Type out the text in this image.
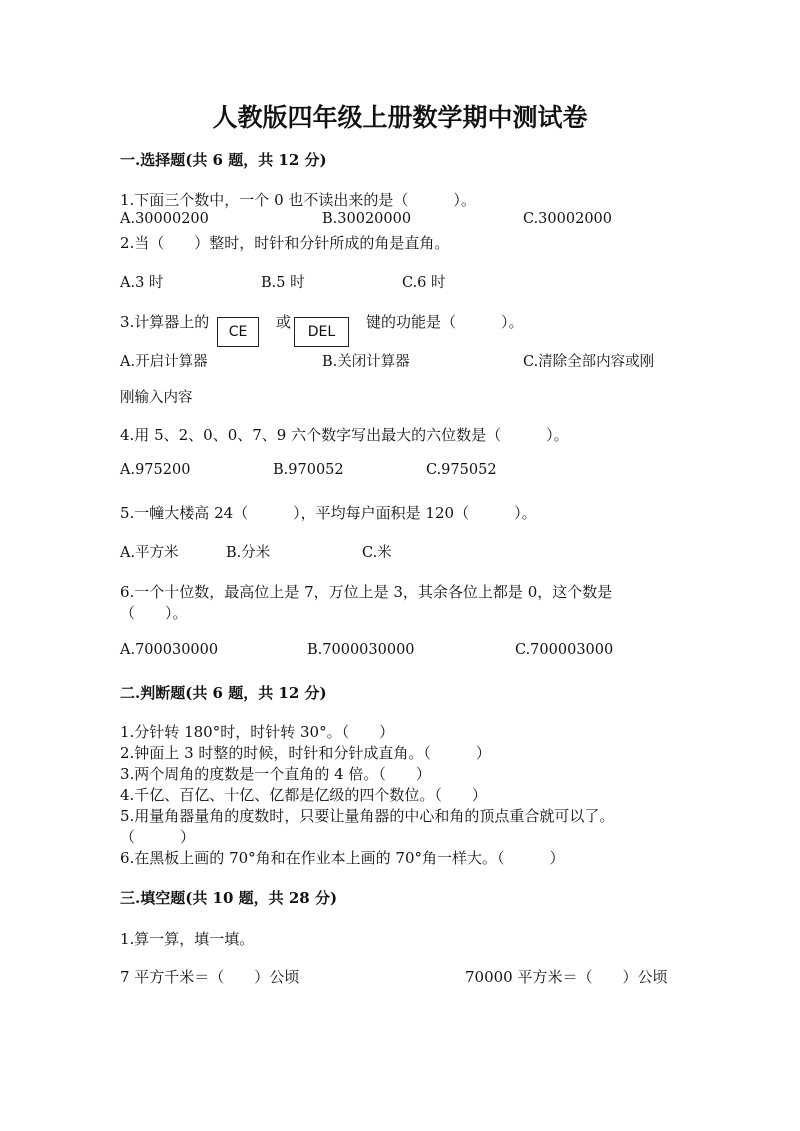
人教版四年级上册数学期中测试卷
一.选择题(共 6 题，共 12 分)
1.下面三个数中，一个 0 也不读出来的是（　　　）。
A.30000200	B.30020000	C.30002000
2.当（　　）整时，时针和分针所成的角是直角。
A.3 时	B.5 时	C.6 时
3.计算器上的
CE
或
DEL
键的功能是（　　　）。
A.开启计算器	B.关闭计算器	C.清除全部内容或刚
刚输入内容
4.用 5、2、0、0、7、9 六个数字写出最大的六位数是（　　　）。
A.975200	B.970052	C.975052
5.一幢大楼高 24（　　　），平均每户面积是 120（　　　）。
A.平方米	B.分米	C.米
6.一个十位数，最高位上是 7，万位上是 3，其余各位上都是 0，这个数是
（　　）。
A.700030000	B.7000030000	C.700003000
二.判断题(共 6 题，共 12 分)
1.分针转 180°时，时针转 30°。（　　）
2.钟面上 3 时整的时候，时针和分针成直角。（　　　）
3.两个周角的度数是一个直角的 4 倍。（　　）
4.千亿、百亿、十亿、亿都是亿级的四个数位。（　　）
5.用量角器量角的度数时，只要让量角器的中心和角的顶点重合就可以了。
（　　　）
6.在黑板上画的 70°角和在作业本上画的 70°角一样大。（　　　）
三.填空题(共 10 题，共 28 分)
1.算一算，填一填。
7 平方千米＝（　　）公顷	70000 平方米＝（　　）公顷
